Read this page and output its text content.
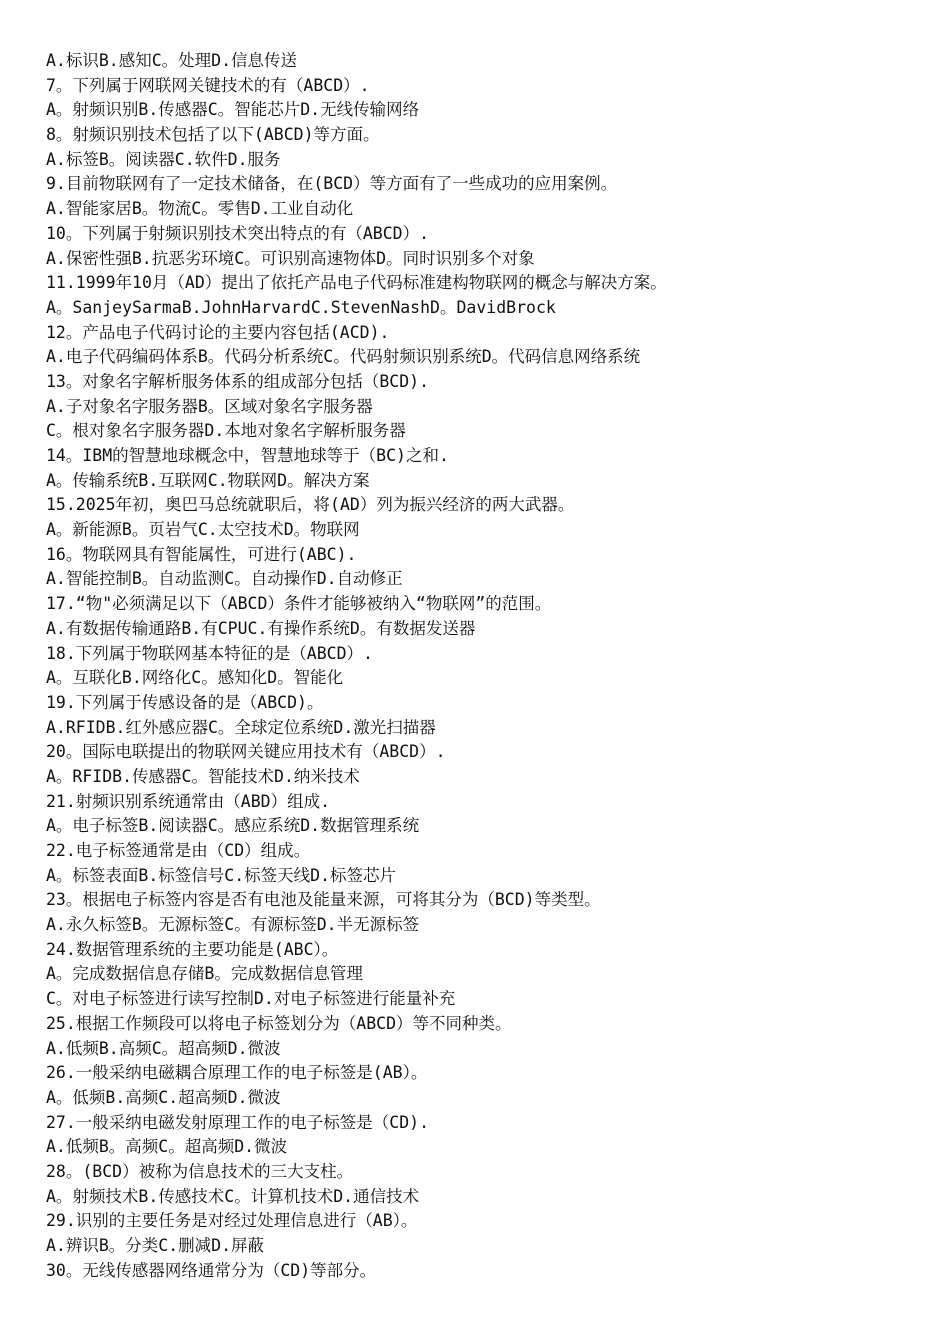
A.标识B.感知C。处理D.信息传送
7。下列属于网联网关键技术的有（ABCD）.
A。射频识别B.传感器C。智能芯片D.无线传输网络
8。射频识别技术包括了以下(ABCD)等方面。
A.标签B。阅读器C.软件D.服务
9.目前物联网有了一定技术储备，在(BCD）等方面有了一些成功的应用案例。
A.智能家居B。物流C。零售D.工业自动化
10。下列属于射频识别技术突出特点的有（ABCD）.
A.保密性强B.抗恶劣环境C。可识别高速物体D。同时识别多个对象
11.1999年10月（AD）提出了依托产品电子代码标准建构物联网的概念与解决方案。
A。SanjeySarmaB.JohnHarvardC.StevenNashD。DavidBrock
12。产品电子代码讨论的主要内容包括(ACD).
A.电子代码编码体系B。代码分析系统C。代码射频识别系统D。代码信息网络系统
13。对象名字解析服务体系的组成部分包括（BCD).
A.子对象名字服务器B。区域对象名字服务器
C。根对象名字服务器D.本地对象名字解析服务器
14。IBM的智慧地球概念中，智慧地球等于（BC)之和.
A。传输系统B.互联网C.物联网D。解决方案
15.2025年初，奥巴马总统就职后，将(AD）列为振兴经济的两大武器。
A。新能源B。页岩气C.太空技术D。物联网
16。物联网具有智能属性，可进行(ABC).
A.智能控制B。自动监测C。自动操作D.自动修正
17.“物"必须满足以下（ABCD）条件才能够被纳入“物联网”的范围。
A.有数据传输通路B.有CPUC.有操作系统D。有数据发送器
18.下列属于物联网基本特征的是（ABCD）.
A。互联化B.网络化C。感知化D。智能化
19.下列属于传感设备的是（ABCD)。
A.RFIDB.红外感应器C。全球定位系统D.激光扫描器
20。国际电联提出的物联网关键应用技术有（ABCD）.
A。RFIDB.传感器C。智能技术D.纳米技术
21.射频识别系统通常由（ABD）组成.
A。电子标签B.阅读器C。感应系统D.数据管理系统
22.电子标签通常是由（CD）组成。
A。标签表面B.标签信号C.标签天线D.标签芯片
23。根据电子标签内容是否有电池及能量来源，可将其分为（BCD)等类型。
A.永久标签B。无源标签C。有源标签D.半无源标签
24.数据管理系统的主要功能是(ABC）。
A。完成数据信息存储B。完成数据信息管理
C。对电子标签进行读写控制D.对电子标签进行能量补充
25.根据工作频段可以将电子标签划分为（ABCD）等不同种类。
A.低频B.高频C。超高频D.微波
26.一般采纳电磁耦合原理工作的电子标签是(AB）。
A。低频B.高频C.超高频D.微波
27.一般采纳电磁发射原理工作的电子标签是（CD).
A.低频B。高频C。超高频D.微波
28。(BCD）被称为信息技术的三大支柱。
A。射频技术B.传感技术C。计算机技术D.通信技术
29.识别的主要任务是对经过处理信息进行（AB）。
A.辨识B。分类C.删减D.屏蔽
30。无线传感器网络通常分为（CD)等部分。
